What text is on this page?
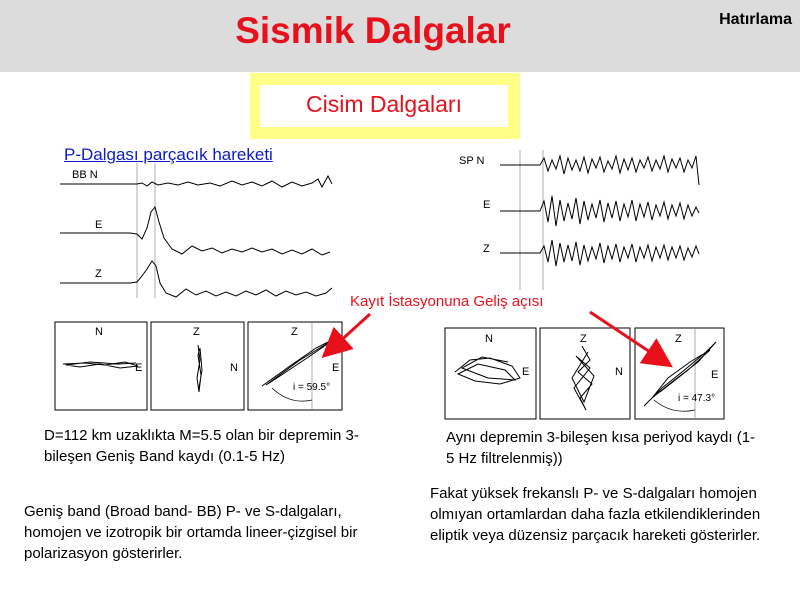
Sismik Dalgalar	Hatırlama
Cisim Dalgaları
P-Dalgası parçacık hareketi
BB N
E
Z
SP N
E
Z
N
E
Z
N
Z
E
i = 59.5°
N
E
Z
N
Z
E
i = 47.3°
Kayıt İstasyonuna Geliş açısı
D=112 km uzaklıkta M=5.5 olan bir depremin 3-bileşen Geniş Band kaydı (0.1-5 Hz)
Aynı depremin 3-bileşen kısa periyod kaydı (1-5 Hz filtrelenmiş))
Geniş band (Broad band- BB) P- ve S-dalgaları, homojen ve izotropik bir ortamda lineer-çizgisel bir polarizasyon gösterirler.
Fakat yüksek frekanslı P- ve S-dalgaları homojen olmıyan ortamlardan daha fazla etkilendiklerinden eliptik veya düzensiz parçacık hareketi gösterirler.
